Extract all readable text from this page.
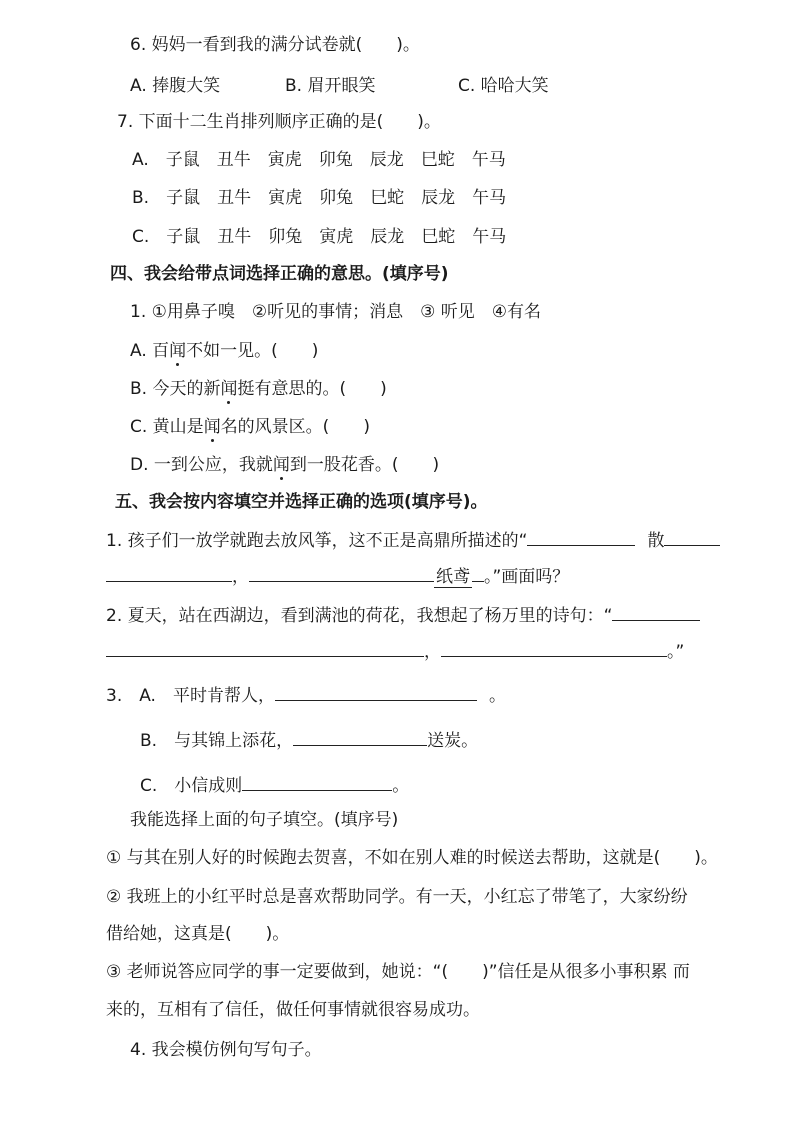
6. 妈妈一看到我的满分试卷就(　　)。
A. 捧腹大笑	B. 眉开眼笑	C. 哈哈大笑
7. 下面十二生肖排列顺序正确的是(　　)。
A.　子鼠　丑牛　寅虎　卯兔　辰龙　巳蛇　午马
B.　子鼠　丑牛　寅虎　卯兔　巳蛇　辰龙　午马
C.　子鼠　丑牛　卯兔　寅虎　辰龙　巳蛇　午马
四、我会给带点词选择正确的意思。(填序号)
1. ①用鼻子嗅　②听见的事情；消息　③ 听见　④有名
A. 百闻不如一见。(　　)
B. 今天的新闻挺有意思的。(　　)
C. 黄山是闻名的风景区。(　　)
D. 一到公应，我就闻到一股花香。(　　)
五、我会按内容填空并选择正确的选项(填序号)。
1. 孩子们一放学就跑去放风筝，这不正是高鼎所描述的“	散
，	纸鸢 。”画面吗？
2. 夏天，站在西湖边，看到满池的荷花，我想起了杨万里的诗句：“
，	。”
3.　A.　平时肯帮人，	。
B.　与其锦上添花，	送炭。
C.　小信成则	。
我能选择上面的句子填空。(填序号)
① 与其在别人好的时候跑去贺喜，不如在别人难的时候送去帮助，这就是(　　)。
② 我班上的小红平时总是喜欢帮助同学。有一天，小红忘了带笔了，大家纷纷
借给她，这真是(　　)。
③ 老师说答应同学的事一定要做到，她说：“(　　)”信任是从很多小事积累 而
来的，互相有了信任，做任何事情就很容易成功。
4. 我会模仿例句写句子。
